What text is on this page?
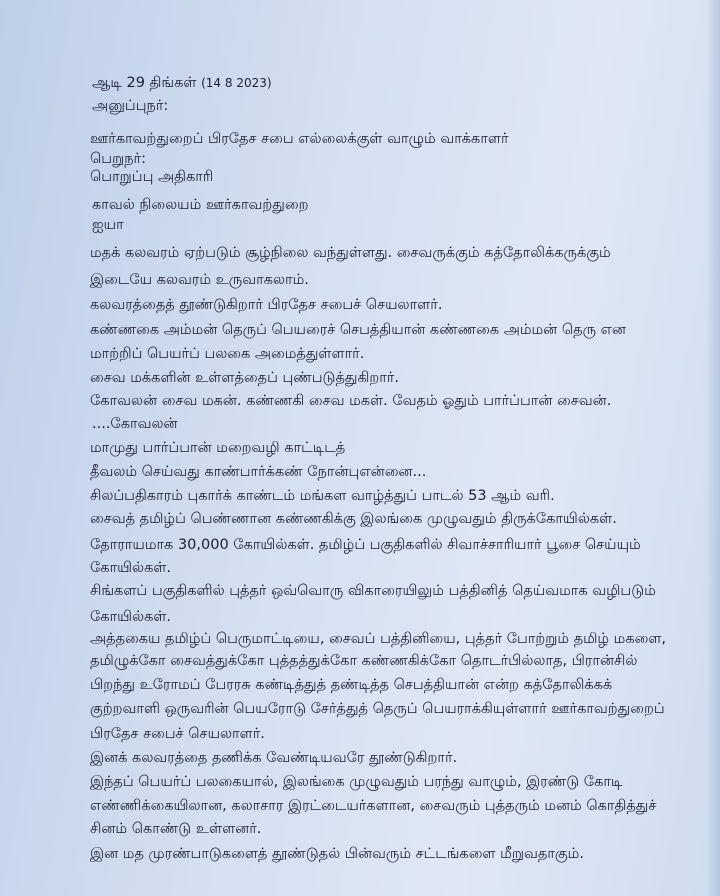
ஆடி 29 திங்கள் (14 8 2023)
அனுப்புநர்:
ஊர்காவற்துறைப் பிரதேச சபை எல்லைக்குள் வாழும் வாக்காளர்
பெறுநர்:
பொறுப்பு அதிகாரி
காவல் நிலையம் ஊர்காவற்துறை
ஐயா
மதக் கலவரம் ஏற்படும் சூழ்நிலை வந்துள்ளது. சைவருக்கும் கத்தோலிக்கருக்கும்
இடையே கலவரம் உருவாகலாம்.
கலவரத்தைத் தூண்டுகிறார் பிரதேச சபைச் செயலாளர்.
கண்ணகை அம்மன் தெருப் பெயரைச் செபத்தியான் கண்ணகை அம்மன் தெரு என
மாற்றிப் பெயர்ப் பலகை அமைத்துள்ளார்.
சைவ மக்களின் உள்ளத்தைப் புண்படுத்துகிறார்.
கோவலன் சைவ மகன். கண்ணகி சைவ மகள். வேதம் ஓதும் பார்ப்பான் சைவன்.
....கோவலன்
மாமுது பார்ப்பான் மறைவழி காட்டிடத்
தீவலம் செய்வது காண்பார்க்கண் நோன்புஎன்னை...
சிலப்பதிகாரம் புகார்க் காண்டம் மங்கள வாழ்த்துப் பாடல் 53 ஆம் வரி.
சைவத் தமிழ்ப் பெண்ணான கண்ணகிக்கு இலங்கை முழுவதும் திருக்கோயில்கள்.
தோராயமாக 30,000 கோயில்கள். தமிழ்ப் பகுதிகளில் சிவாச்சாரியார் பூசை செய்யும்
கோயில்கள்.
சிங்களப் பகுதிகளில் புத்தர் ஒவ்வொரு விகாரையிலும் பத்தினித் தெய்வமாக வழிபடும்
கோயில்கள்.
அத்தகைய தமிழ்ப் பெருமாட்டியை, சைவப் பத்தினியை, புத்தர் போற்றும் தமிழ் மகளை,
தமிழுக்கோ சைவத்துக்கோ புத்தத்துக்கோ கண்ணகிக்கோ தொடர்பில்லாத, பிரான்சில்
பிறந்து உரோமப் பேரரசு கண்டித்துத் தண்டித்த செபத்தியான் என்ற கத்தோலிக்கக்
குற்றவாளி ஒருவரின் பெயரோடு சேர்த்துத் தெருப் பெயராக்கியுள்ளார் ஊர்காவற்துறைப்
பிரதேச சபைச் செயலாளர்.
இனக் கலவரத்தை தணிக்க வேண்டியவரே தூண்டுகிறார்.
இந்தப் பெயர்ப் பலகையால், இலங்கை முழுவதும் பரந்து வாழும், இரண்டு கோடி
எண்ணிக்கையிலான, கலாசார இரட்டையர்களான, சைவரும் புத்தரும் மனம் கொதித்துச்
சினம் கொண்டு உள்ளனர்.
இன மத முரண்பாடுகளைத் தூண்டுதல் பின்வரும் சட்டங்களை மீறுவதாகும்.
